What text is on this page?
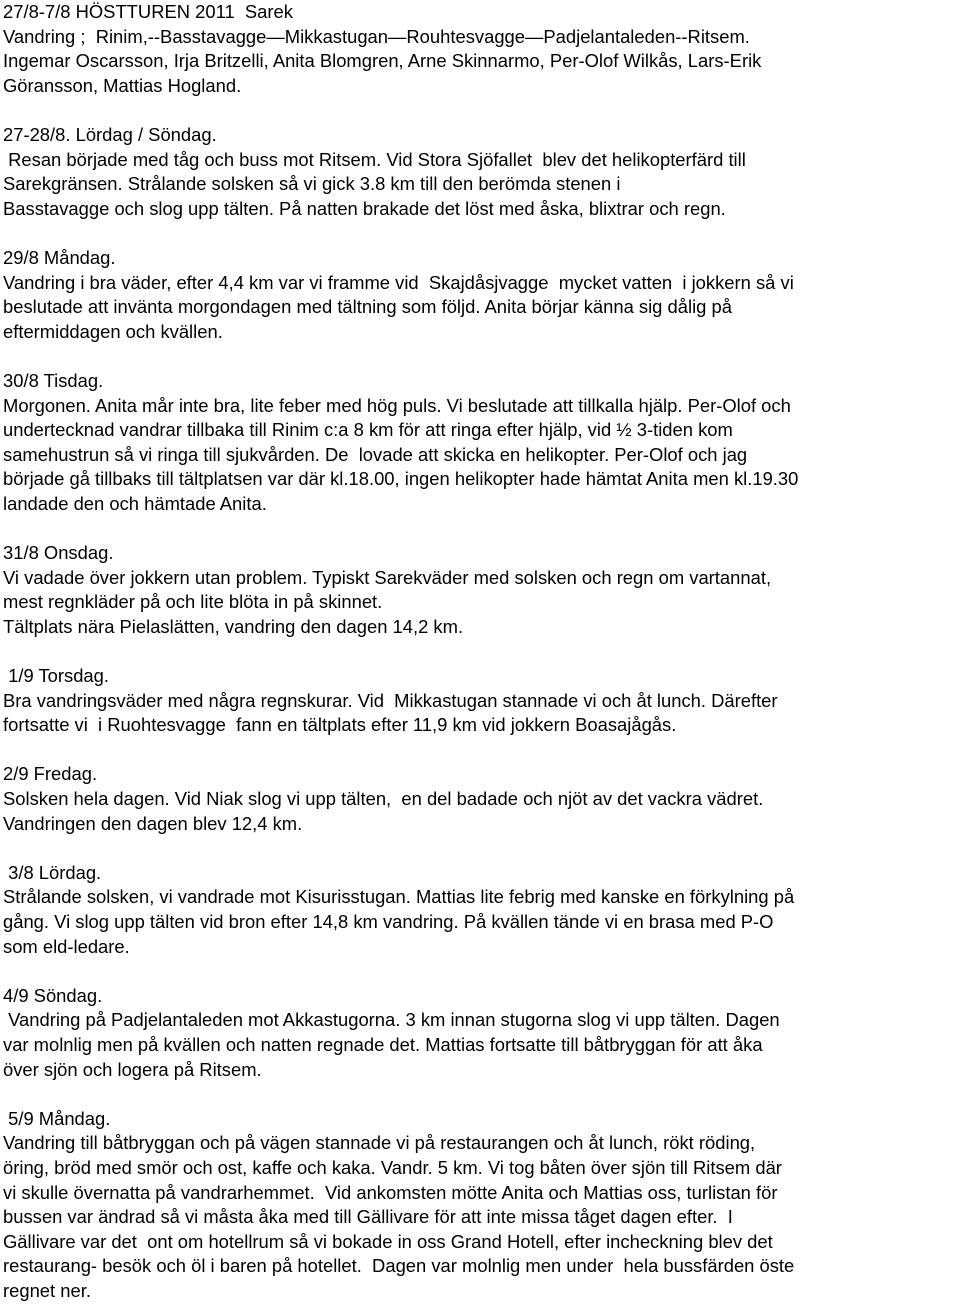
27/8-7/8 HÖSTTUREN 2011  Sarek
Vandring ;  Rinim,--Basstavagge—Mikkastugan—Rouhtesvagge—Padjelantaleden--Ritsem.
Ingemar Oscarsson, Irja Britzelli, Anita Blomgren, Arne Skinnarmo, Per-Olof Wilkås, Lars-Erik
Göransson, Mattias Hogland.
27-28/8. Lördag / Söndag.
Resan började med tåg och buss mot Ritsem. Vid Stora Sjöfallet  blev det helikopterfärd till
Sarekgränsen. Strålande solsken så vi gick 3.8 km till den berömda stenen i
Basstavagge och slog upp tälten. På natten brakade det löst med åska, blixtrar och regn.
29/8 Måndag.
Vandring i bra väder, efter 4,4 km var vi framme vid  Skajdåsjvagge  mycket vatten  i jokkern så vi
beslutade att invänta morgondagen med tältning som följd. Anita börjar känna sig dålig på
eftermiddagen och kvällen.
30/8 Tisdag.
Morgonen. Anita mår inte bra, lite feber med hög puls. Vi beslutade att tillkalla hjälp. Per-Olof och
undertecknad vandrar tillbaka till Rinim c:a 8 km för att ringa efter hjälp, vid ½ 3-tiden kom
samehustrun så vi ringa till sjukvården. De  lovade att skicka en helikopter. Per-Olof och jag
började gå tillbaks till tältplatsen var där kl.18.00, ingen helikopter hade hämtat Anita men kl.19.30
landade den och hämtade Anita.
31/8 Onsdag.
Vi vadade över jokkern utan problem. Typiskt Sarekväder med solsken och regn om vartannat,
mest regnkläder på och lite blöta in på skinnet.
Tältplats nära Pielaslätten, vandring den dagen 14,2 km.
1/9 Torsdag.
Bra vandringsväder med några regnskurar. Vid  Mikkastugan stannade vi och åt lunch. Därefter
fortsatte vi  i Ruohtesvagge  fann en tältplats efter 11,9 km vid jokkern Boasajågås.
2/9 Fredag.
Solsken hela dagen. Vid Niak slog vi upp tälten,  en del badade och njöt av det vackra vädret.
Vandringen den dagen blev 12,4 km.
3/8 Lördag.
Strålande solsken, vi vandrade mot Kisurisstugan. Mattias lite febrig med kanske en förkylning på
gång. Vi slog upp tälten vid bron efter 14,8 km vandring. På kvällen tände vi en brasa med P-O
som eld-ledare.
4/9 Söndag.
Vandring på Padjelantaleden mot Akkastugorna. 3 km innan stugorna slog vi upp tälten. Dagen
var molnlig men på kvällen och natten regnade det. Mattias fortsatte till båtbryggan för att åka
över sjön och logera på Ritsem.
5/9 Måndag.
Vandring till båtbryggan och på vägen stannade vi på restaurangen och åt lunch, rökt röding,
öring, bröd med smör och ost, kaffe och kaka. Vandr. 5 km. Vi tog båten över sjön till Ritsem där
vi skulle övernatta på vandrarhemmet.  Vid ankomsten mötte Anita och Mattias oss, turlistan för
bussen var ändrad så vi måsta åka med till Gällivare för att inte missa tåget dagen efter.  I
Gällivare var det  ont om hotellrum så vi bokade in oss Grand Hotell, efter incheckning blev det
restaurang- besök och öl i baren på hotellet.  Dagen var molnlig men under  hela bussfärden öste
regnet ner.
